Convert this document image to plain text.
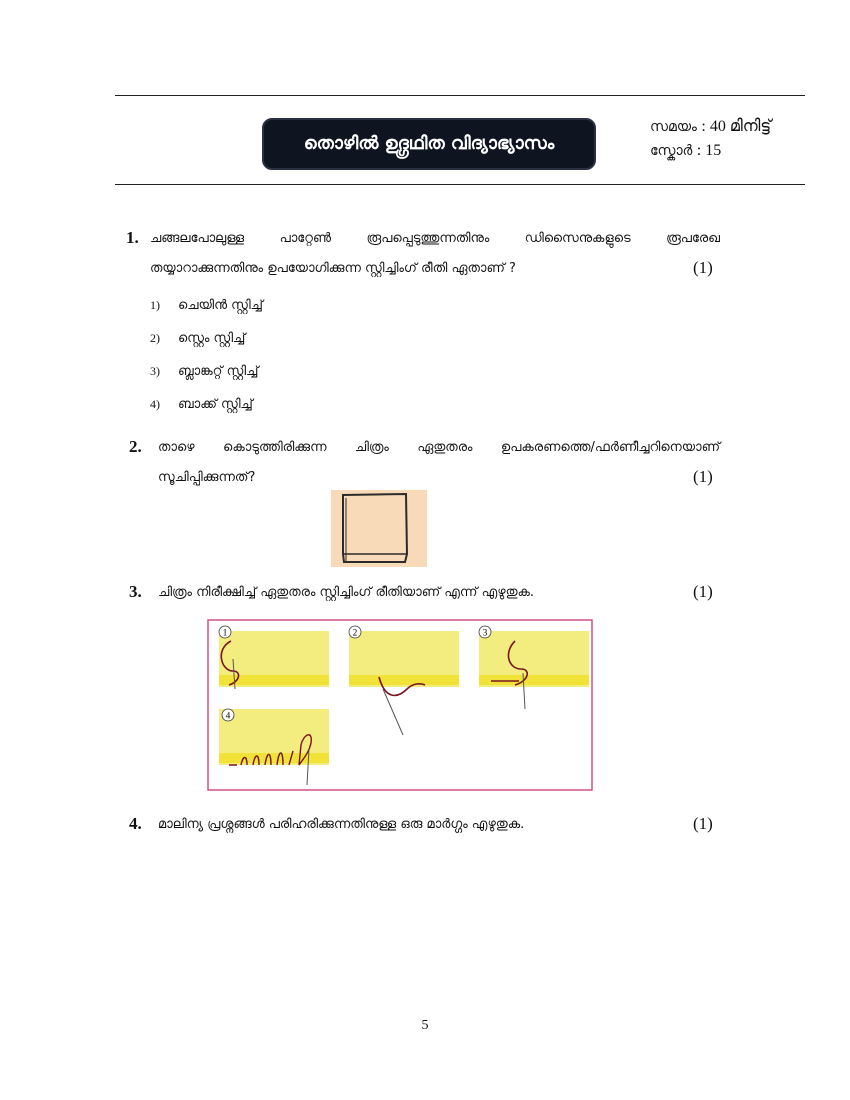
തൊഴിൽ ഉദ്ഗ്രഥിത വിദ്യാഭ്യാസം
സമയം : 40 മിനിട്ട്
സ്കോർ : 15
1. ചങ്ങലപോലുള്ള പാറ്റേൺ രൂപപ്പെടുത്തുന്നതിനും ഡിസൈനുകളുടെ രൂപരേഖ
തയ്യാറാക്കുന്നതിനും ഉപയോഗിക്കുന്ന സ്റ്റിച്ചിംഗ് രീതി ഏതാണ് ?	(1)
1) ചെയിൻ സ്റ്റിച്ച്
2) സ്റ്റെം സ്റ്റിച്ച്
3) ബ്ലാങ്കറ്റ് സ്റ്റിച്ച്
4) ബാക്ക് സ്റ്റിച്ച്
2. താഴെ കൊടുത്തിരിക്കുന്ന ചിത്രം ഏതുതരം ഉപകരണത്തെ/ഫർണീച്ചറിനെയാണ്
സൂചിപ്പിക്കുന്നത്?	(1)
3. ചിത്രം നിരീക്ഷിച്ച് ഏതുതരം സ്റ്റിച്ചിംഗ് രീതിയാണ് എന്ന് എഴുതുക.	(1)
1	2	3
4
4. മാലിന്യ പ്രശ്നങ്ങൾ പരിഹരിക്കുന്നതിനുള്ള ഒരു മാർഗ്ഗം എഴുതുക.	(1)
5
